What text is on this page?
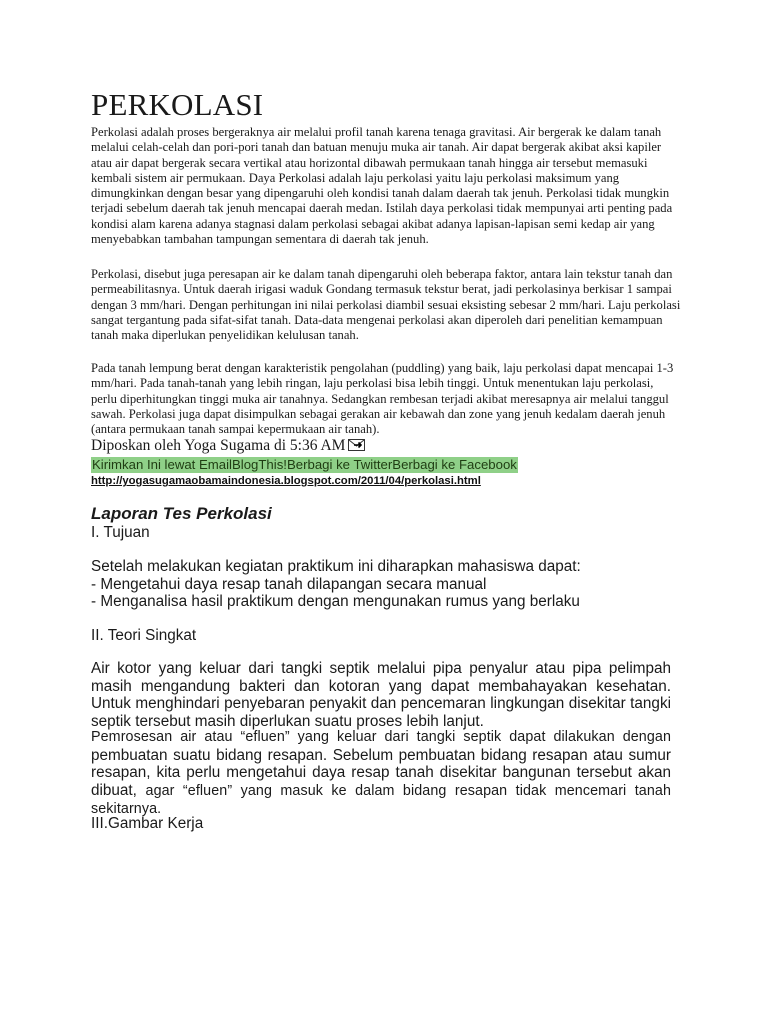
PERKOLASI

Perkolasi adalah proses bergeraknya air melalui profil tanah karena tenaga gravitasi. Air bergerak ke dalam tanah melalui celah-celah dan pori-pori tanah dan batuan menuju muka air tanah. Air dapat bergerak akibat aksi kapiler atau air dapat bergerak secara vertikal atau horizontal dibawah permukaan tanah hingga air tersebut memasuki kembali sistem air permukaan. Daya Perkolasi adalah laju perkolasi yaitu laju perkolasi maksimum yang dimungkinkan dengan besar yang dipengaruhi oleh kondisi tanah dalam daerah tak jenuh. Perkolasi tidak mungkin terjadi sebelum daerah tak jenuh mencapai daerah medan. Istilah daya perkolasi tidak mempunyai arti penting pada kondisi alam karena adanya stagnasi dalam perkolasi sebagai akibat adanya lapisan-lapisan semi kedap air yang menyebabkan tambahan tampungan sementara di daerah tak jenuh.

Perkolasi, disebut juga peresapan air ke dalam tanah dipengaruhi oleh beberapa faktor, antara lain tekstur tanah dan permeabilitasnya. Untuk daerah irigasi waduk Gondang termasuk tekstur berat, jadi perkolasinya berkisar 1 sampai dengan 3 mm/hari. Dengan perhitungan ini nilai perkolasi diambil sesuai eksisting sebesar 2 mm/hari. Laju perkolasi sangat tergantung pada sifat-sifat tanah. Data-data mengenai perkolasi akan diperoleh dari penelitian kemampuan tanah maka diperlukan penyelidikan kelulusan tanah.

Pada tanah lempung berat dengan karakteristik pengolahan (puddling) yang baik, laju perkolasi dapat mencapai 1-3 mm/hari. Pada tanah-tanah yang lebih ringan, laju perkolasi bisa lebih tinggi. Untuk menentukan laju perkolasi, perlu diperhitungkan tinggi muka air tanahnya. Sedangkan rembesan terjadi akibat meresapnya air melalui tanggul sawah. Perkolasi juga dapat disimpulkan sebagai gerakan air kebawah dan zone yang jenuh kedalam daerah jenuh (antara permukaan tanah sampai kepermukaan air tanah).

Diposkan oleh Yoga Sugama di 5:36 AM

Kirimkan Ini lewat EmailBlogThis!Berbagi ke TwitterBerbagi ke Facebook
http://yogasugamaobamaindonesia.blogspot.com/2011/04/perkolasi.html

Laporan Tes Perkolasi

I. Tujuan

Setelah melakukan kegiatan praktikum ini diharapkan mahasiswa dapat:

- Mengetahui daya resap tanah dilapangan secara manual

- Menganalisa hasil praktikum dengan mengunakan rumus yang berlaku

II. Teori Singkat

Air kotor yang keluar dari tangki septik melalui pipa penyalur atau pipa pelimpah masih mengandung bakteri dan kotoran yang dapat membahayakan kesehatan. Untuk menghindari penyebaran penyakit dan pencemaran lingkungan disekitar tangki septik tersebut masih diperlukan suatu proses lebih lanjut.

Pemrosesan air atau “efluen” yang keluar dari tangki septik dapat dilakukan dengan pembuatan suatu bidang resapan. Sebelum pembuatan bidang resapan atau sumur resapan, kita perlu mengetahui daya resap tanah disekitar bangunan tersebut akan dibuat, agar “efluen” yang masuk ke dalam bidang resapan tidak mencemari tanah sekitarnya.

III.Gambar Kerja
